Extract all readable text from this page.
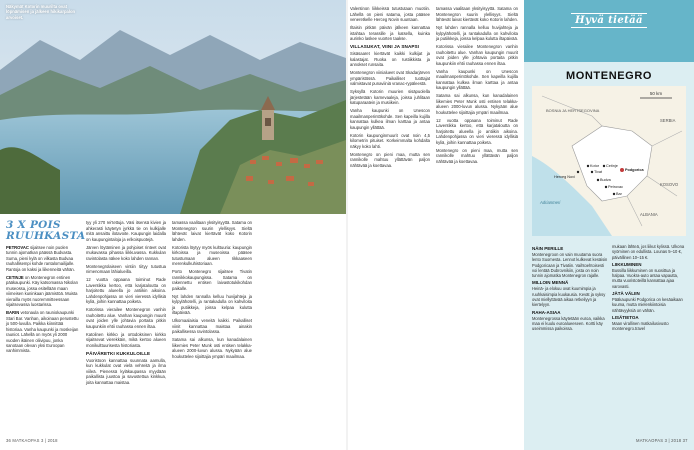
Näkymät Kotorin muurilta ovat löpnämisen ja jälkeen hikikarpalon arvoiset.
3 X POIS RUUHKASTA
PETROVAC sijaitsee noin puolen tunnin ajomatkan päässä Budvasta. Suma, pieni kylä on vilkasta Budvaa rauhallisempi kohde rantalomailijalle. Rantoja on kaksi ja liikenneitä vähän.
CETINJE on Montenegron entinen pääkaupunki. Käy katsomassa Nikolan museossa, jossa esitellään maan viimeisen kuninkaan jäämistöä. Muista vierailla myös nuoremmitteessaan sijaitsevassa luostarissa.
BARIN vetonaula on rauniokaupunki Stari Bar. Vanhan, aikoinaan perustettu jo 500-luvulla. Paikka kiinnittää historiaa. Vanha kaupunki ja moskeijan rauniot. Lähellä on myös yli 2000 vuoden ikäinen oliivipuu, jonka sanotaan olevan yksi Euroopan vanhimmista.

tyy yli 270 rei'tettuja. Väsi itsensä kivien ja ahkerasti käytetyn jyrkkä tie on kulkijalle mitä ansaittu ilotavoite. Kaupungin laidalla on kaupungintaloja ja erikoispuotejä.

Järven löytäminen ja pohjoiset rinteet ovat mukavassa pihassa liikkuvassa. Kukkulan ravintolasta näkee koko lahden rannan.

Montenegrolaiseen vintiin tiityy tutustua nimenomaan lähialueilla.

12 vuotta oppaana toiminut Rade Laventikka kertoo, että karjataloutta on harjoitettu alueella jo antiikin aikoina. Lahdenpohjassa on vieri vieressä idyllisiä kyliä, joihin kannattaa poiketa.

Kotorissa vierailee Montenegron vanhin rauhoitettu alue. Vanhan kaupungin muurit ovat joiden ylle johtavia portaita pitkin kaupunkiin ehtii rauhassa ennen iltaa.

Katolinen kirkko ja ortodoksinen kirkko sijaitsevat vierekkäin, mikä kertoo alueen monikulttuurisesta historiasta.

PÄIVÄRETKI KUKKULOILLE

Vuoristoon kannattaa suunnata aamulla, kun kukkulat ovat vielä vehreitä ja ilma viileä. Pienessä kyläkaupassa myydään paikallista juustoa ja savustettua kinkkua, joita kannattaa maistaa.

tamassa vaalitaan yksityisyyttä. Satama on Montenegron suurin ylellisyys. Sieltä lähtevät laivat kiertävät koko Kotorin lahden.

Kotorista löytyy myös kulttuuria: kaupungin kirkoissa ja museoissa pääsee tutustumaan alueen rikkaaseen merenkulkuhistoriaan.

Porto Montenegro sijaitsee Tivatin rannikkokaupungissa. Satama on rakennettu entisen laivastotukikohdan paikalle.

Nyt lahden rannalla kelluu huvijahteja ja kylpylähotelli, ja rantakadulla on kahviloita ja putiikkeja, joissa kelpaa kulutta iltapäivää.

Ulkomaalaisia veneitä kaikki. Paikalliset viinit kannattaa maistaa ainakin paikallisessa ravintolassa.

Satama sai alkunsa, kun kanadalainen liikemies Peter Munk osti entisen telakka-alueen 2000-luvun alussa. Nykyään alue houkuttelee sijoittajia ympäri maailmaa.

Valentinon liikkeissä tutustutaan muotiin. Lähellä on pieni satama, josta pääsee veneretkelle Herceg Novin suuntaan.

Iltaisin pitkän päivän jälkeen kannattaa istahtaa terassille ja katsella, kuinka aurinko laskee vuorten taakse.

VILLASUKAT, VIINI JA SNAPSI

Sisäsaaret kiertävät kaikki kulkijat ja kalastajat. Ruoka on rustiikkista ja annokset runsaita.

Montenegron viinialueet ovat Skadarjärven ympäristössä. Paikalliset tuottajat valmistavat punaviiniä vranac-rypäleestä.

Syksyllä Kotorin muurien sisäpuolella järjestetään karnevaaleja, joissa juhlitaan katuparaatein ja musiikein.

Vanha kaupunki on Unescon maailmanperintökohde. Sen kapeilla kujilla kannattaa kulkea ilman karttaa ja antaa kaupungin yllättää.

Kotorin kaupunginmuurit ovat noin 4,5 kilometrin pituiset. Korkeimmalta kohdalta näkyy koko lahti.

Montenegro on pieni maa, mutta sen rannikolle mahtuu yllättävän paljon nähtävää ja koettavaa.

tamassa vaalitaan yksityisyyttä. Satama on Montenegron suurin ylellisyys. Sieltä lähtevät laivat kiertävät koko Kotorin lahden.

Nyt lahden rannalla kelluu huvijahteja ja kylpylähotelli, ja rantakadulla on kahviloita ja putiikkeja, joissa kelpaa kulutta iltapäivää.

Kotorissa vierailee Montenegron vanhin rauhoitettu alue. Vanhan kaupungin muurit ovat joiden ylle johtavia portaita pitkin kaupunkiin ehtii rauhassa ennen iltaa.

Vanha kaupunki on Unescon maailmanperintökohde. Sen kapeilla kujilla kannattaa kulkea ilman karttaa ja antaa kaupungin yllättää.

Satama sai alkunsa, kun kanadalainen liikemies Peter Munk osti entisen telakka-alueen 2000-luvun alussa. Nykyään alue houkuttelee sijoittajia ympäri maailmaa.

12 vuotta oppaana toiminut Rade Laventikka kertoo, että karjataloutta on harjoitettu alueella jo antiikin aikoina. Lahdenpohjassa on vieri vieressä idyllisiä kyliä, joihin kannattaa poiketa.

Montenegro on pieni maa, mutta sen rannikolle mahtuu yllättävän paljon nähtävää ja koettavaa.

Hyvä tietää
MONTENEGRO
50 km
BOSNIA JA HERTSEGOVINA
SERBIA
KOSOVO
ALBANIA
Adrianmeri
Kotor
Tivat
Budva
Petrovac
Bar
Cetinje
Podgorica
Herceg Novi
NÄIN PERILLE

Montenegroon on vain muutama suora lento Suomesta. Lennot kulkevat kesäisin Podgoricaan ja Tivatiin. Vaihtoehtoisesti voi lentää Dubrovnikiin, josta on noin tunnin ajomatka Montenegron rajalle.

MILLOIN MENNÄ

Heinä- ja elokuu ovat kuumimpia ja ruuhkaisimpia kuukausia. Kevät ja syksy ovat miellyttävää aikaa retkeilyyn ja kiertelyyn.

RAHA-ASIAA

Montenegrossa käytetään euroa, vaikka maa ei kuulu euroalueeseen. Kortti käy useimmissa paikoissa.

mukaan lähteä, jos liikut kylissä. Ulkona syöminen on edullista. Lounas 5–10 €, päivällinen 10–15 €.

LIIKKUMINEN

Bussilla liikkuminen on suosittua ja halpaa. Vuokra-auto antaa vapautta, mutta vuoristoteillä kannattaa ajaa varovasti.

JÄTÄ VÄLIIN

Pääkaupunki Podgorica on kesäaikaan kuuma, mutta mielenkiintoisia nähtävyyksiä on vähän.

LISÄTIETOA

Maan virallinen matkailusivusto montenegro.travel

36 MATKAOPAS 3 | 2018	MATKAOPAS 3 | 2018 37
